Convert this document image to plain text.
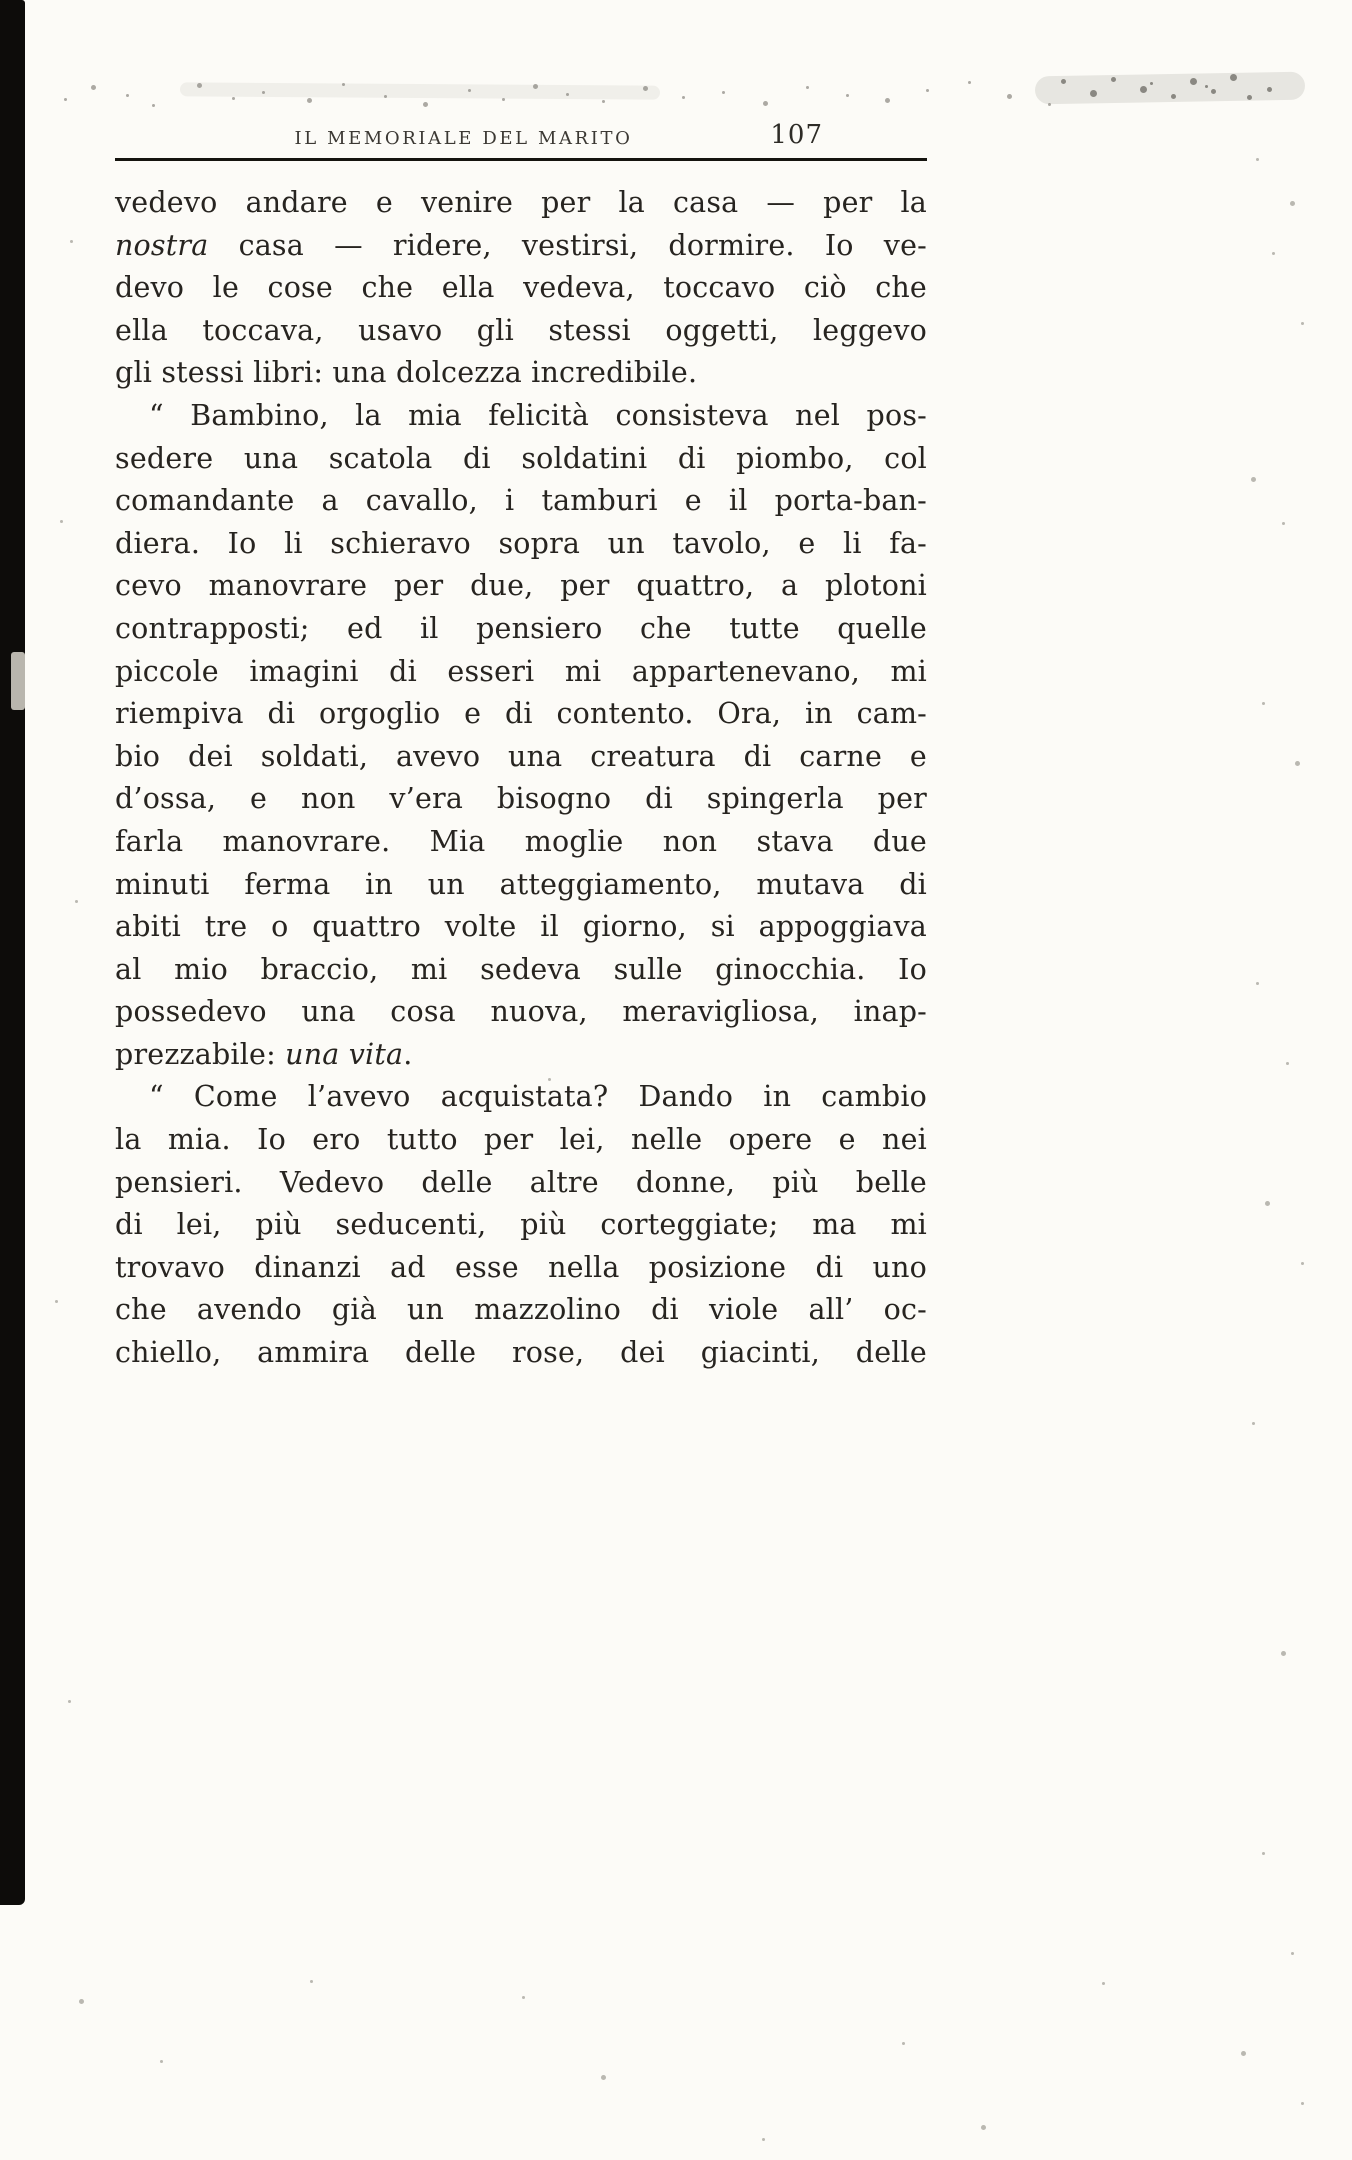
IL MEMORIALE DEL MARITO	107
vedevo andare e venire per la casa — per la
nostra casa — ridere, vestirsi, dormire. Io ve-
devo le cose che ella vedeva, toccavo ciò che
ella toccava, usavo gli stessi oggetti, leggevo
gli stessi libri: una dolcezza incredibile.
“ Bambino, la mia felicità consisteva nel pos-
sedere una scatola di soldatini di piombo, col
comandante a cavallo, i tamburi e il porta-ban-
diera. Io li schieravo sopra un tavolo, e li fa-
cevo manovrare per due, per quattro, a plotoni
contrapposti; ed il pensiero che tutte quelle
piccole imagini di esseri mi appartenevano, mi
riempiva di orgoglio e di contento. Ora, in cam-
bio dei soldati, avevo una creatura di carne e
d’ossa, e non v’era bisogno di spingerla per
farla manovrare. Mia moglie non stava due
minuti ferma in un atteggiamento, mutava di
abiti tre o quattro volte il giorno, si appoggiava
al mio braccio, mi sedeva sulle ginocchia. Io
possedevo una cosa nuova, meravigliosa, inap-
prezzabile: una vita.
“ Come l’avevo acquistata? Dando in cambio
la mia. Io ero tutto per lei, nelle opere e nei
pensieri. Vedevo delle altre donne, più belle
di lei, più seducenti, più corteggiate; ma mi
trovavo dinanzi ad esse nella posizione di uno
che avendo già un mazzolino di viole all’ oc-
chiello, ammira delle rose, dei giacinti, delle
